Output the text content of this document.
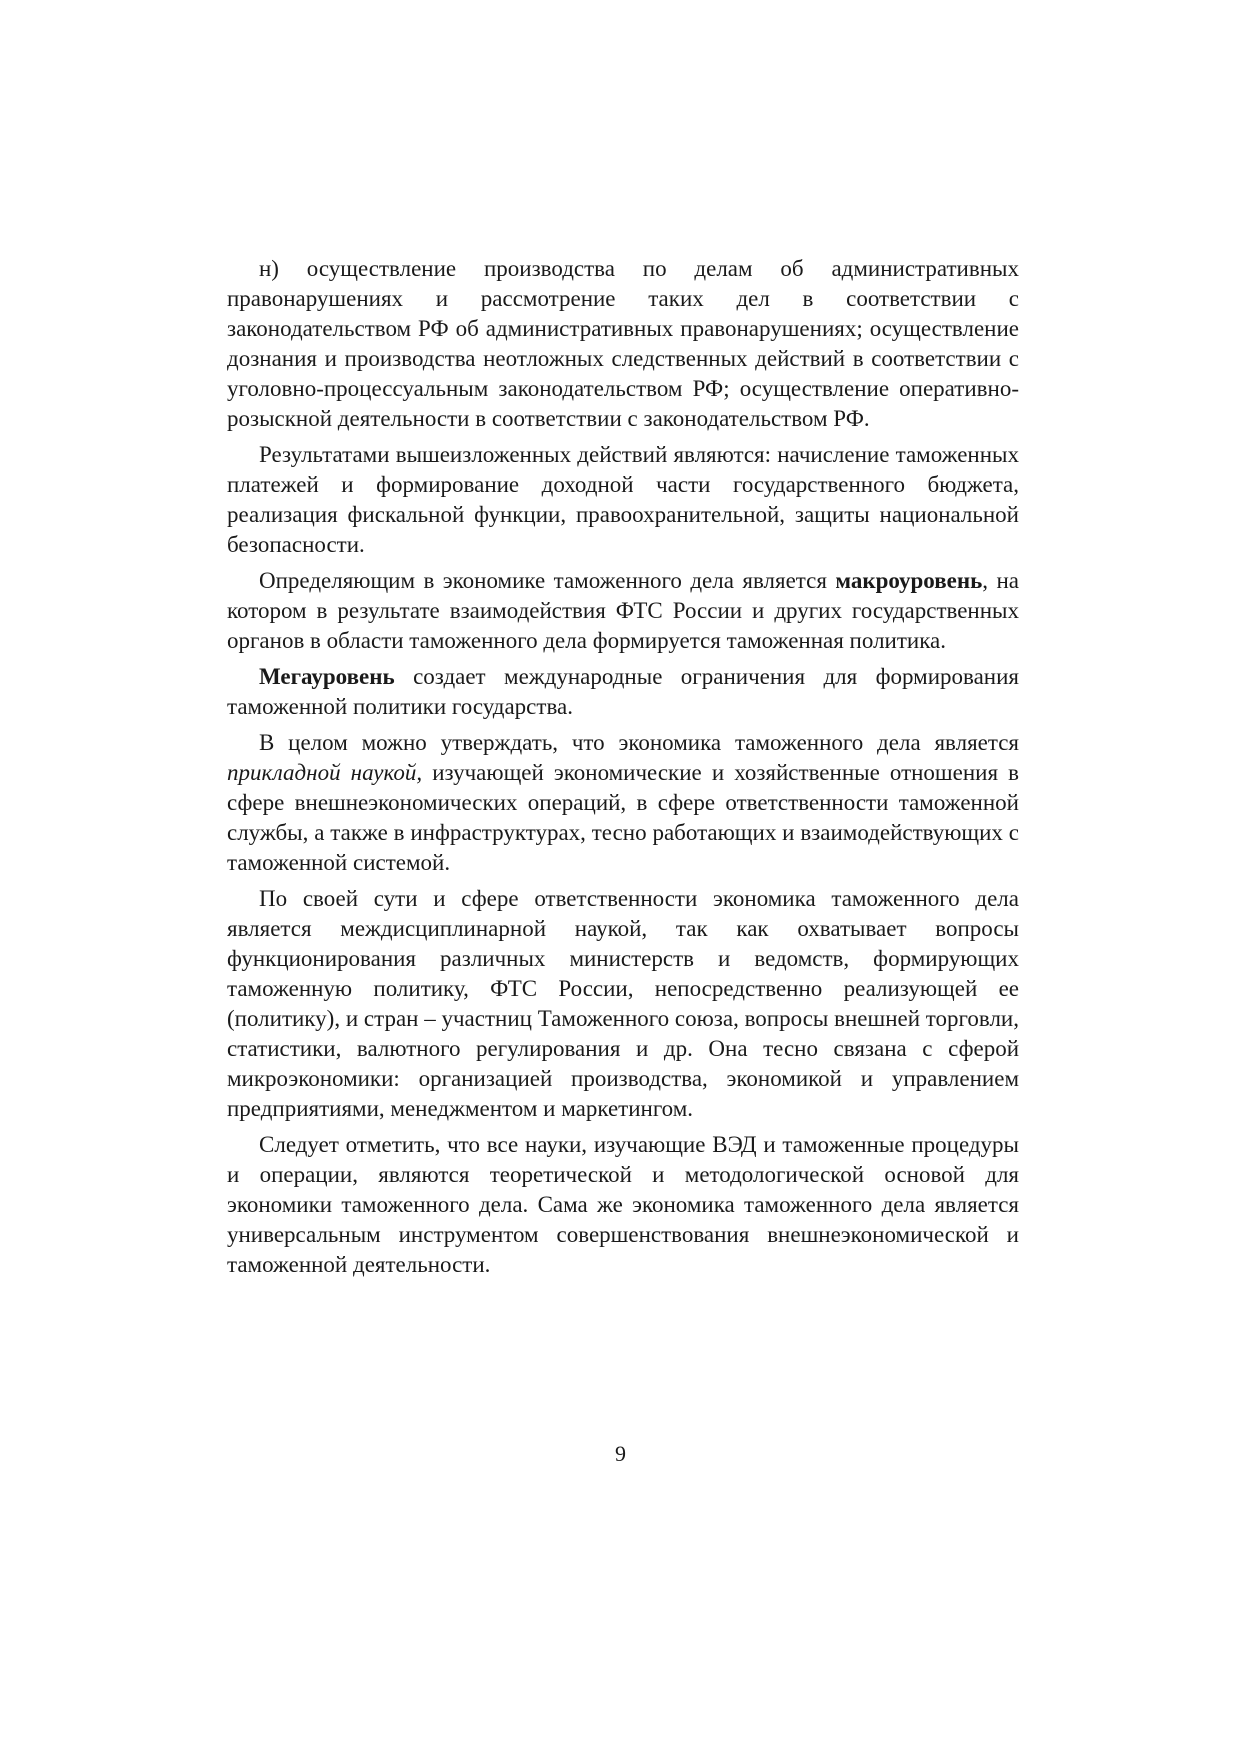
н) осуществление производства по делам об административных правонарушениях и рассмотрение таких дел в соответствии с законодательством РФ об административных правонарушениях; осуществление дознания и производства неотложных следственных действий в соответствии с уголовно-процессуальным законодательством РФ; осуществление оперативно-розыскной деятельности в соответствии с законодательством РФ.

Результатами вышеизложенных действий являются: начисление таможенных платежей и формирование доходной части государственного бюджета, реализация фискальной функции, правоохранительной, защиты национальной безопасности.

Определяющим в экономике таможенного дела является макроуровень, на котором в результате взаимодействия ФТС России и других государственных органов в области таможенного дела формируется таможенная политика.

Мегауровень создает международные ограничения для формирования таможенной политики государства.

В целом можно утверждать, что экономика таможенного дела является прикладной наукой, изучающей экономические и хозяйственные отношения в сфере внешнеэкономических операций, в сфере ответственности таможенной службы, а также в инфраструктурах, тесно работающих и взаимодействующих с таможенной системой.

По своей сути и сфере ответственности экономика таможенного дела является междисциплинарной наукой, так как охватывает вопросы функционирования различных министерств и ведомств, формирующих таможенную политику, ФТС России, непосредственно реализующей ее (политику), и стран – участниц Таможенного союза, вопросы внешней торговли, статистики, валютного регулирования и др. Она тесно связана с сферой микроэкономики: организацией производства, экономикой и управлением предприятиями, менеджментом и маркетингом.

Следует отметить, что все науки, изучающие ВЭД и таможенные процедуры и операции, являются теоретической и методологической основой для экономики таможенного дела. Сама же экономика таможенного дела является универсальным инструментом совершенствования внешнеэкономической и таможенной деятельности.

9
